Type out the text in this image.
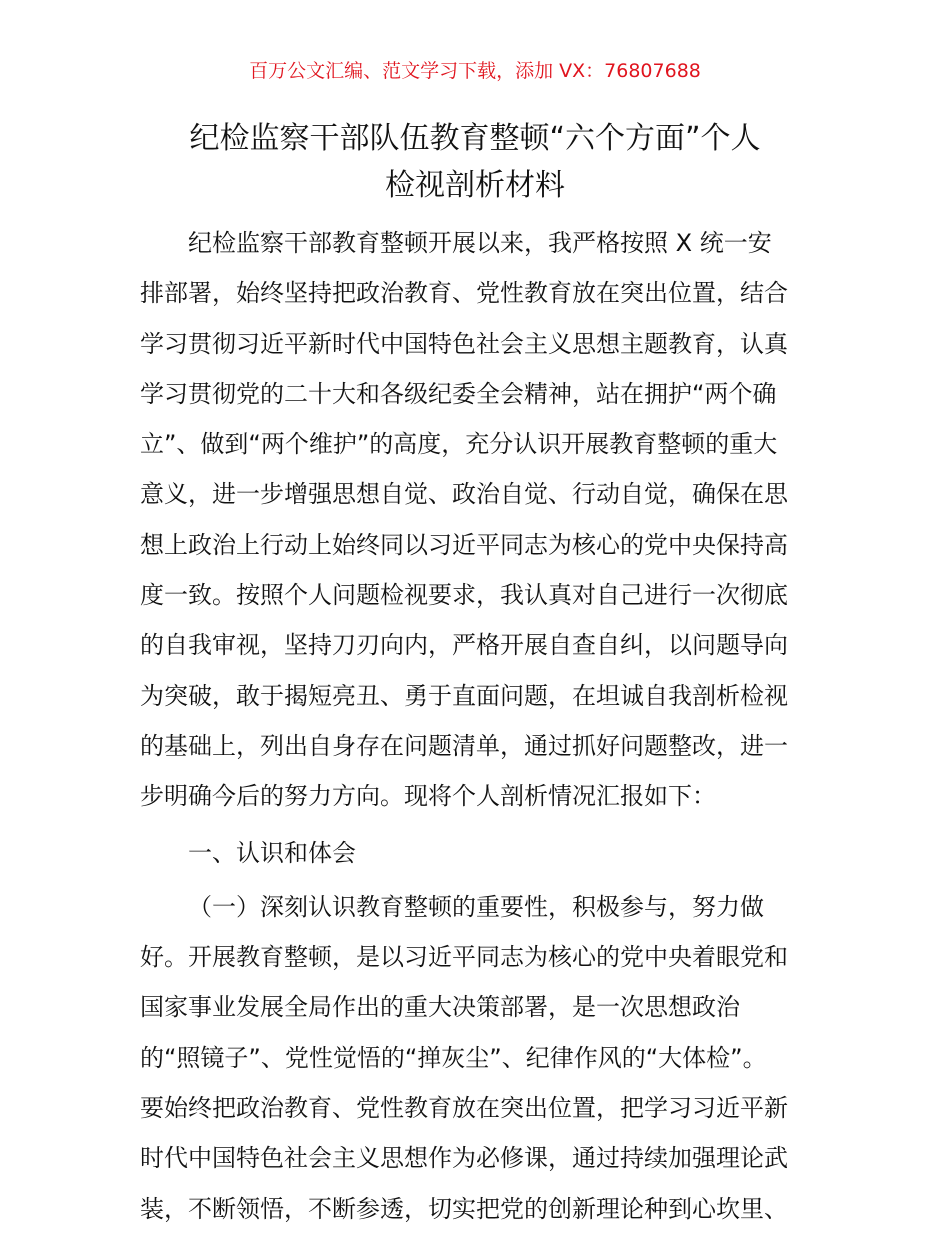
百万公文汇编、范文学习下载，添加 VX：76807688
纪检监察干部队伍教育整顿“六个方面”个人
检视剖析材料
纪检监察干部教育整顿开展以来，我严格按照 X 统一安
排部署，始终坚持把政治教育、党性教育放在突出位置，结合
学习贯彻习近平新时代中国特色社会主义思想主题教育，认真
学习贯彻党的二十大和各级纪委全会精神，站在拥护“两个确
立”、做到“两个维护”的高度，充分认识开展教育整顿的重大
意义，进一步增强思想自觉、政治自觉、行动自觉，确保在思
想上政治上行动上始终同以习近平同志为核心的党中央保持高
度一致。按照个人问题检视要求，我认真对自己进行一次彻底
的自我审视，坚持刀刃向内，严格开展自查自纠，以问题导向
为突破，敢于揭短亮丑、勇于直面问题，在坦诚自我剖析检视
的基础上，列出自身存在问题清单，通过抓好问题整改，进一
步明确今后的努力方向。现将个人剖析情况汇报如下：
一、认识和体会
（一）深刻认识教育整顿的重要性，积极参与，努力做
好。开展教育整顿，是以习近平同志为核心的党中央着眼党和
国家事业发展全局作出的重大决策部署，是一次思想政治
的“照镜子”、党性觉悟的“掸灰尘”、纪律作风的“大体检”。
要始终把政治教育、党性教育放在突出位置，把学习习近平新
时代中国特色社会主义思想作为必修课，通过持续加强理论武
装，不断领悟，不断参透，切实把党的创新理论种到心坎里、
